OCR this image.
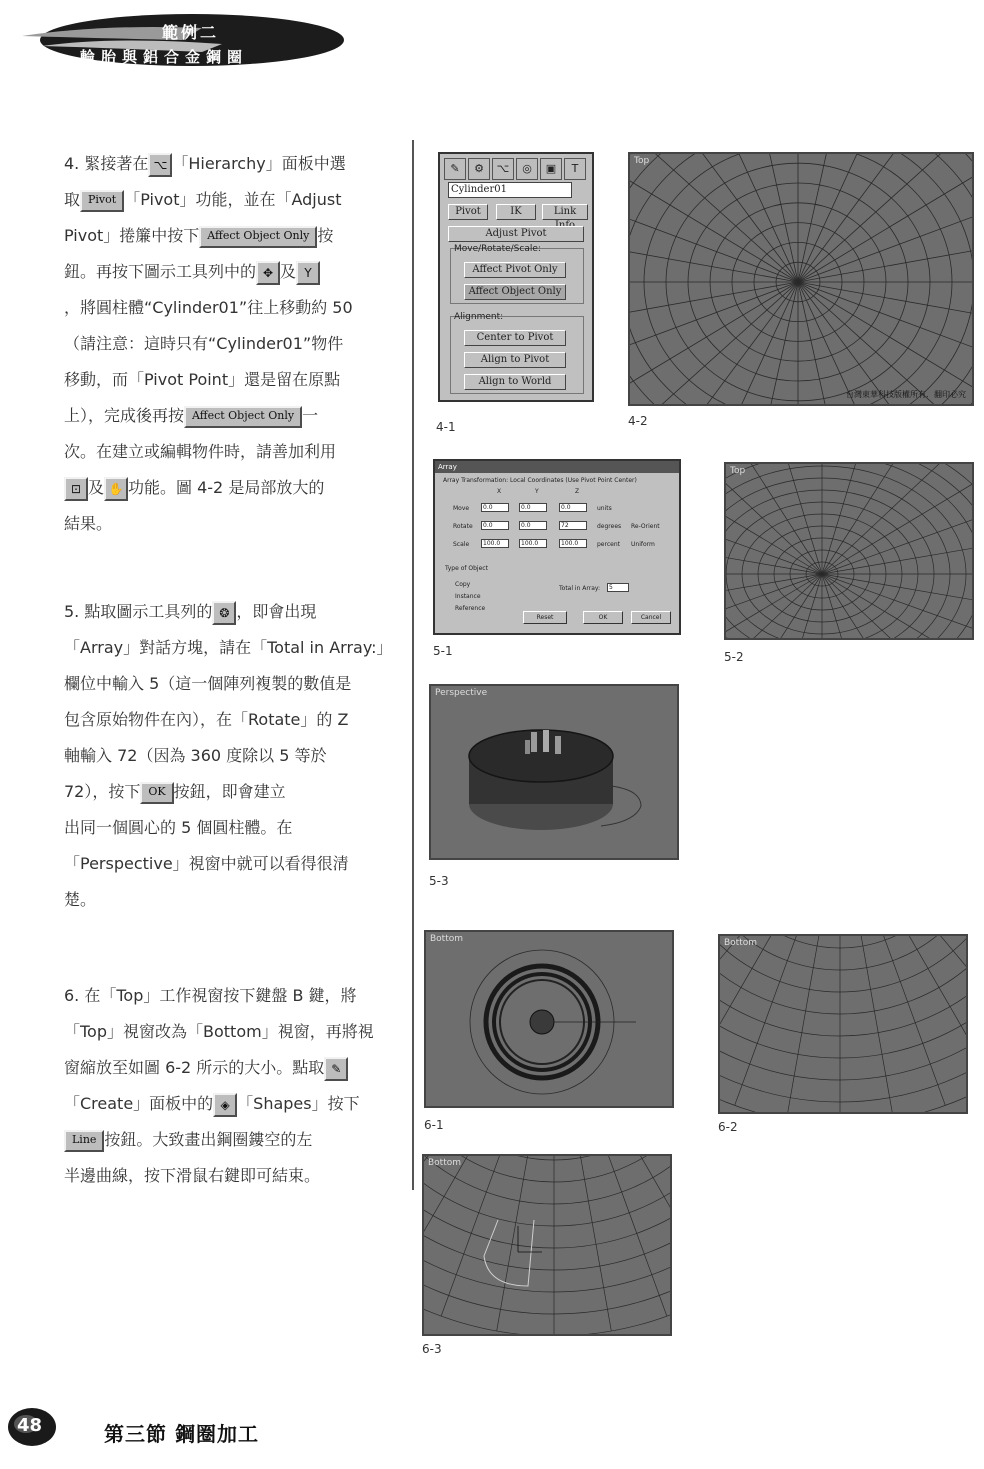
範例二
輪胎與鋁合金鋼圈
4. 緊接著在 ⌥ 「Hierarchy」面板中選
取 Pivot 「Pivot」功能，並在「Adjust
Pivot」捲簾中按下 Affect Object Only 按
鈕。再按下圖示工具列中的 ✥ 及 Y
，將圓柱體“Cylinder01”往上移動約 50
（請注意：這時只有“Cylinder01”物件
移動，而「Pivot Point」還是留在原點
上），完成後再按 Affect Object Only 一
次。在建立或編輯物件時，請善加利用
⊡ 及 ✋ 功能。圖 4-2 是局部放大的
結果。
5. 點取圖示工具列的 ❂ ，即會出現
「Array」對話方塊，請在「Total in Array:」
欄位中輸入 5（這一個陣列複製的數值是
包含原始物件在內），在「Rotate」的 Z
軸輸入 72（因為 360 度除以 5 等於
72），按下 OK 按鈕，即會建立
出同一個圓心的 5 個圓柱體。在
「Perspective」視窗中就可以看得很清
楚。
6. 在「Top」工作視窗按下鍵盤 B 鍵，將
「Top」視窗改為「Bottom」視窗，再將視
窗縮放至如圖 6-2 所示的大小。點取 ✎
「Create」面板中的 ◈ 「Shapes」按下
Line 按鈕。大致畫出鋼圈鏤空的左
半邊曲線，按下滑鼠右鍵即可結束。
✎	⚙	⌥	◎	▣	T
Cylinder01
Pivot	IK	Link
Adjust Pivot
Move/Rotate/Scale:
Affect Pivot Only
Affect Object Only
Alignment:
Center to Pivot
Align to Pivot
Align to World
4-1
Top
台灣東華科技版權所有．翻印必究
4-2
Array
Array Transformation: Local Coordinates (Use Pivot Point Center)
X	Y	Z
Move	0.0	0.0	0.0	units
Rotate	0.0	0.0	72	degrees Re-Orient
Scale	100.0	100.0	100.0	percent Uniform
Type of Object
Copy
Instance
Reference
Total in Array:	5
Reset	OK	Cancel
5-1
Top
5-2
Perspective
5-3
Bottom
6-1
Bottom
6-2
Bottom
6-3
48	第三節 鋼圈加工
